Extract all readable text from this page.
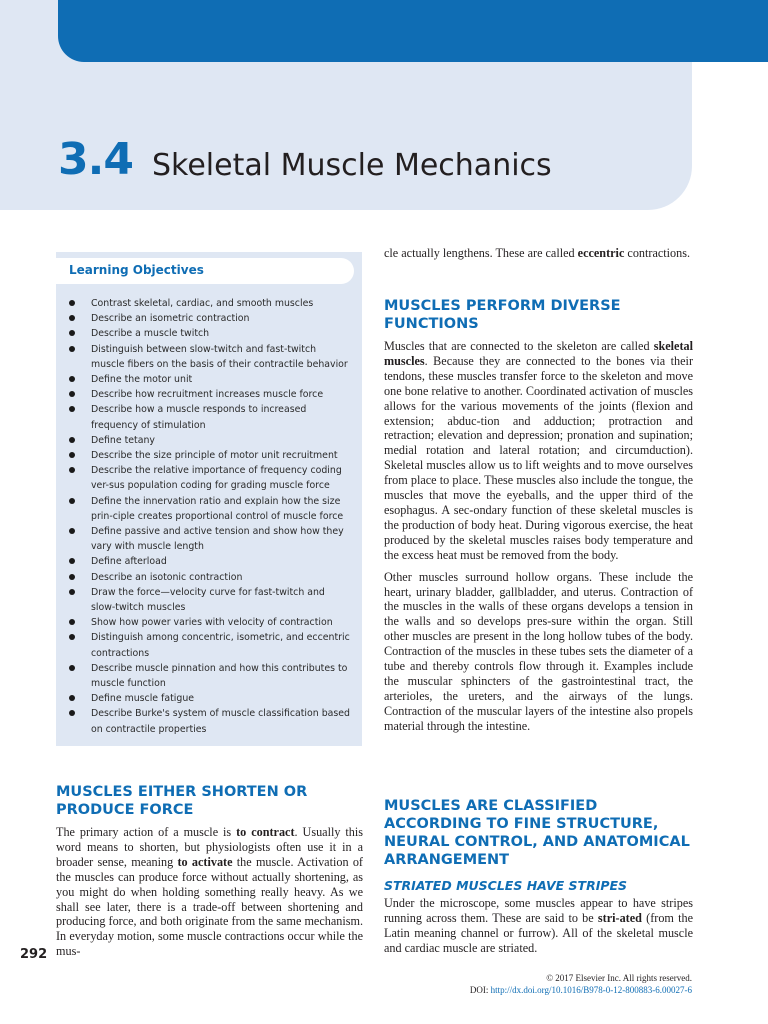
3.4 Skeletal Muscle Mechanics
Learning Objectives
Contrast skeletal, cardiac, and smooth muscles
Describe an isometric contraction
Describe a muscle twitch
Distinguish between slow-twitch and fast-twitch muscle fibers on the basis of their contractile behavior
Define the motor unit
Describe how recruitment increases muscle force
Describe how a muscle responds to increased frequency of stimulation
Define tetany
Describe the size principle of motor unit recruitment
Describe the relative importance of frequency coding ver-sus population coding for grading muscle force
Define the innervation ratio and explain how the size prin-ciple creates proportional control of muscle force
Define passive and active tension and show how they vary with muscle length
Define afterload
Describe an isotonic contraction
Draw the force—velocity curve for fast-twitch and slow-twitch muscles
Show how power varies with velocity of contraction
Distinguish among concentric, isometric, and eccentric contractions
Describe muscle pinnation and how this contributes to muscle function
Define muscle fatigue
Describe Burke's system of muscle classification based on contractile properties
MUSCLES EITHER SHORTEN OR PRODUCE FORCE

The primary action of a muscle is to contract. Usually this word means to shorten, but physiologists often use it in a broader sense, meaning to activate the muscle. Activation of the muscles can produce force without actually shortening, as you might do when holding something really heavy. As we shall see later, there is a trade-off between shortening and producing force, and both originate from the same mechanism. In everyday motion, some muscle contractions occur while the mus-

cle actually lengthens. These are called eccentric contractions.

MUSCLES PERFORM DIVERSE FUNCTIONS

Muscles that are connected to the skeleton are called skeletal muscles. Because they are connected to the bones via their tendons, these muscles transfer force to the skeleton and move one bone relative to another. Coordinated activation of muscles allows for the various movements of the joints (flexion and extension; abduc-tion and adduction; protraction and retraction; elevation and depression; pronation and supination; medial rotation and lateral rotation; and circumduction). Skeletal muscles allow us to lift weights and to move ourselves from place to place. These muscles also include the tongue, the muscles that move the eyeballs, and the upper third of the esophagus. A sec-ondary function of these skeletal muscles is the production of body heat. During vigorous exercise, the heat produced by the skeletal muscles raises body temperature and the excess heat must be removed from the body.

Other muscles surround hollow organs. These include the heart, urinary bladder, gallbladder, and uterus. Contraction of the muscles in the walls of these organs develops a tension in the walls and so develops pres-sure within the organ. Still other muscles are present in the long hollow tubes of the body. Contraction of the muscles in these tubes sets the diameter of a tube and thereby controls flow through it. Examples include the muscular sphincters of the gastrointestinal tract, the arterioles, the ureters, and the airways of the lungs. Contraction of the muscular layers of the intestine also propels material through the intestine.

MUSCLES ARE CLASSIFIED ACCORDING TO FINE STRUCTURE, NEURAL CONTROL, AND ANATOMICAL ARRANGEMENT
STRIATED MUSCLES HAVE STRIPES

Under the microscope, some muscles appear to have stripes running across them. These are said to be stri-ated (from the Latin meaning channel or furrow). All of the skeletal muscle and cardiac muscle are striated.

292
© 2017 Elsevier Inc. All rights reserved.
DOI: http://dx.doi.org/10.1016/B978-0-12-800883-6.00027-6
